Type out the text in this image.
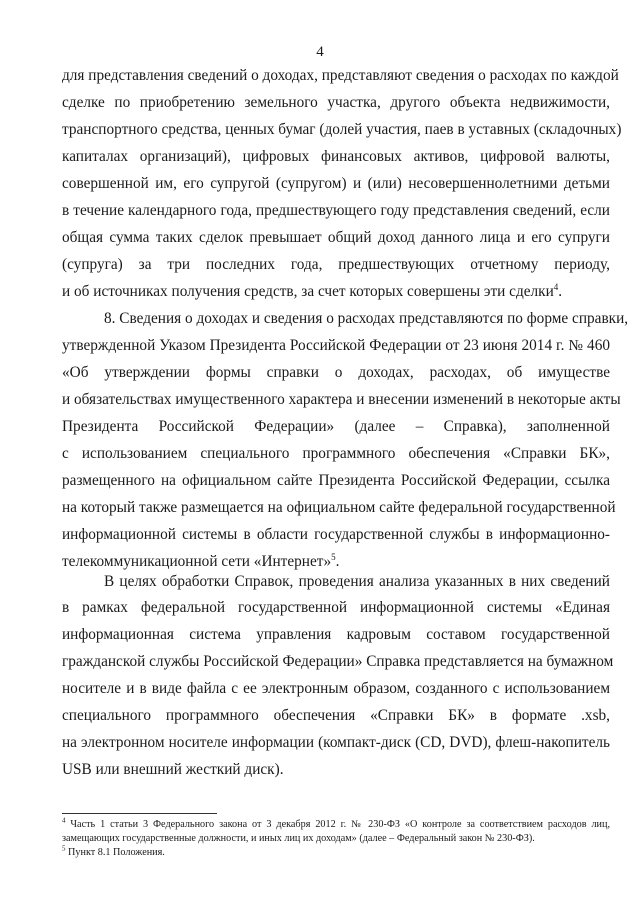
4
для представления сведений о доходах, представляют сведения о расходах по каждой
сделке по приобретению земельного участка, другого объекта недвижимости,
транспортного средства, ценных бумаг (долей участия, паев в уставных (складочных)
капиталах организаций), цифровых финансовых активов, цифровой валюты,
совершенной им, его супругой (супругом) и (или) несовершеннолетними детьми
в течение календарного года, предшествующего году представления сведений, если
общая сумма таких сделок превышает общий доход данного лица и его супруги
(супруга) за три последних года, предшествующих отчетному периоду,
и об источниках получения средств, за счет которых совершены эти сделки$^4$.
8. Сведения о доходах и сведения о расходах представляются по форме справки,
утвержденной Указом Президента Российской Федерации от 23 июня 2014 г. № 460
«Об утверждении формы справки о доходах, расходах, об имуществе
и обязательствах имущественного характера и внесении изменений в некоторые акты
Президента Российской Федерации» (далее – Справка), заполненной
с использованием специального программного обеспечения «Справки БК»,
размещенного на официальном сайте Президента Российской Федерации, ссылка
на который также размещается на официальном сайте федеральной государственной
информационной системы в области государственной службы в информационно-
телекоммуникационной сети «Интернет»$^5$.
В целях обработки Справок, проведения анализа указанных в них сведений
в рамках федеральной государственной информационной системы «Единая
информационная система управления кадровым составом государственной
гражданской службы Российской Федерации» Справка представляется на бумажном
носителе и в виде файла с ее электронным образом, созданного с использованием
специального программного обеспечения «Справки БК» в формате .xsb,
на электронном носителе информации (компакт-диск (CD, DVD), флеш-накопитель
USB или внешний жесткий диск).
$^4$ Часть 1 статьи 3 Федерального закона от 3 декабря 2012 г. № 230-ФЗ «О контроле за соответствием расходов лиц,
замещающих государственные должности, и иных лиц их доходам» (далее – Федеральный закон № 230-ФЗ).
$^5$ Пункт 8.1 Положения.
